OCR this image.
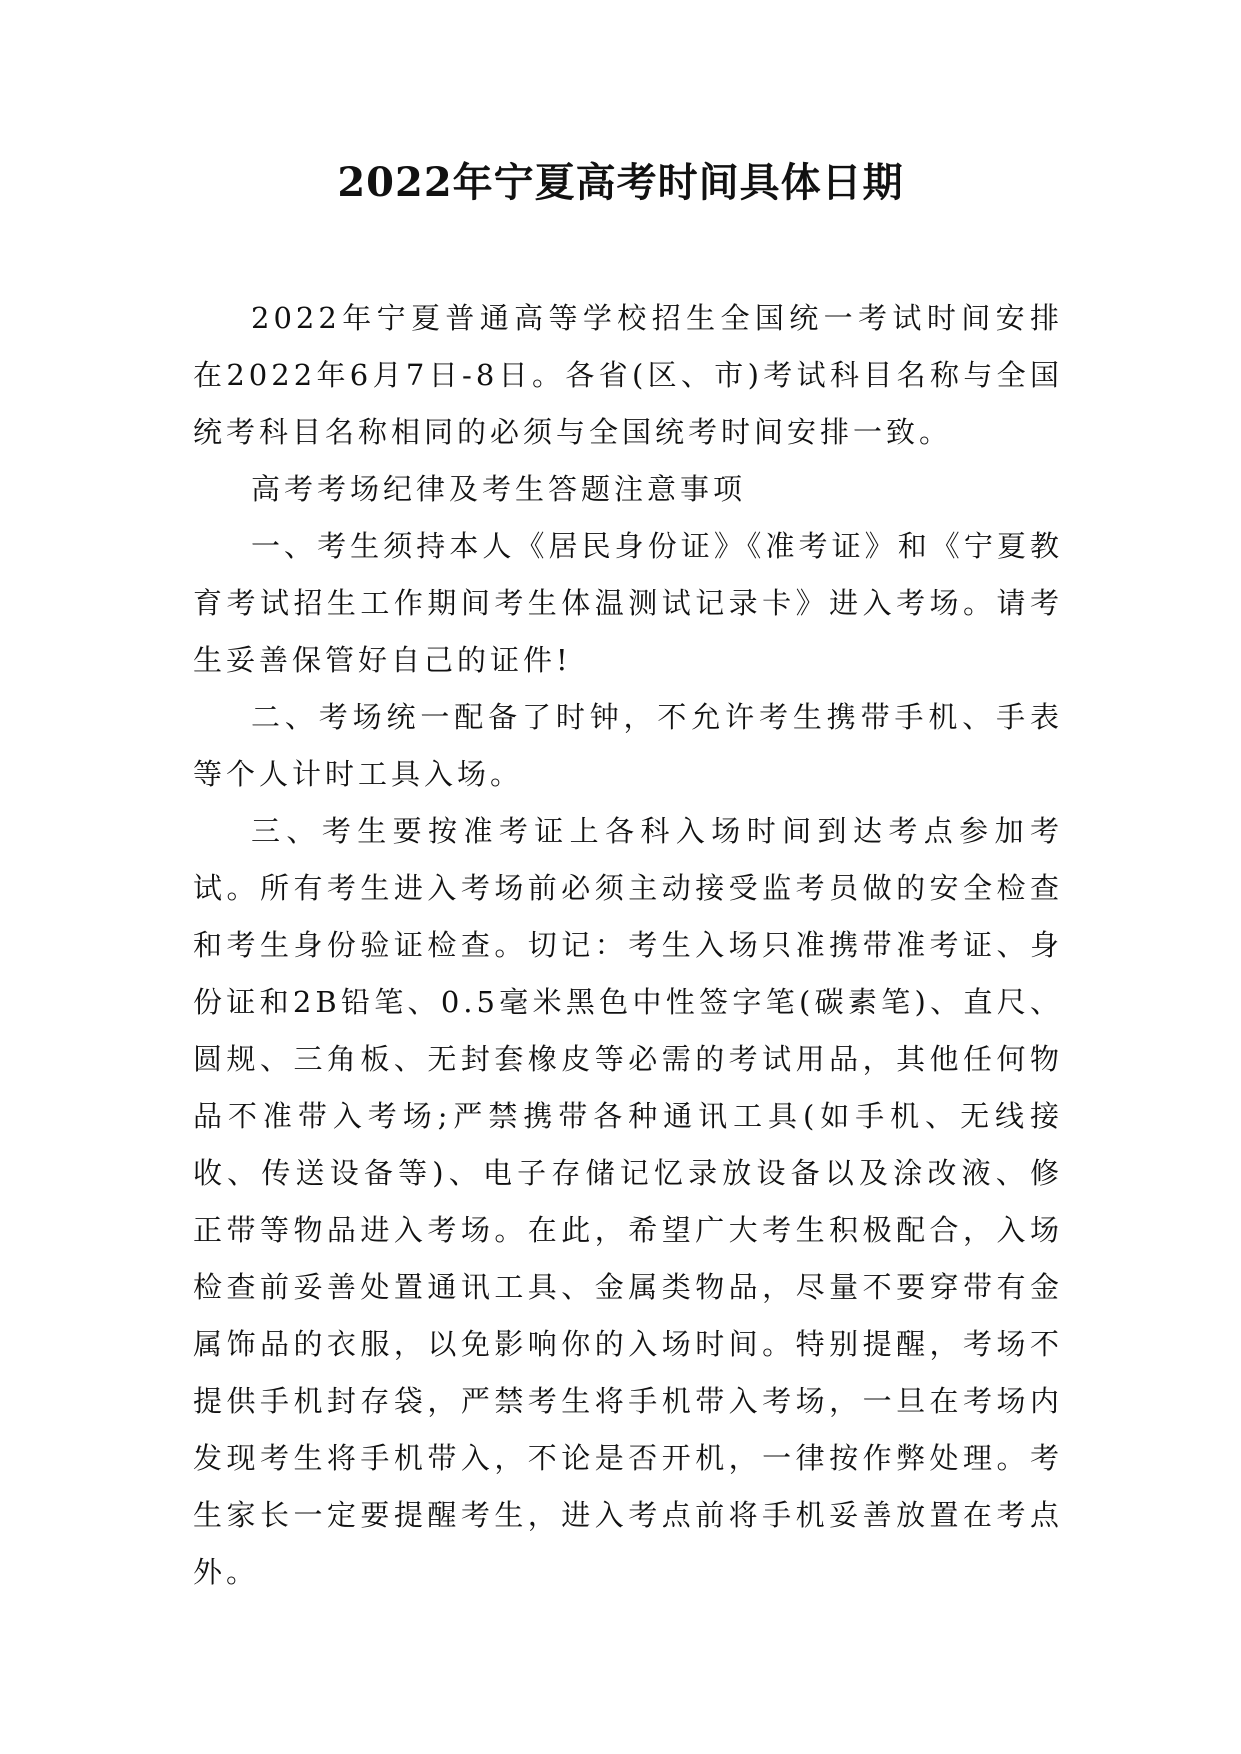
2022年宁夏高考时间具体日期

2022年宁夏普通高等学校招生全国统一考试时间安排在2022年6月7日-8日。各省(区、市)考试科目名称与全国统考科目名称相同的必须与全国统考时间安排一致。

高考考场纪律及考生答题注意事项

一、考生须持本人《居民身份证》《准考证》和《宁夏教育考试招生工作期间考生体温测试记录卡》进入考场。请考生妥善保管好自己的证件!

二、考场统一配备了时钟，不允许考生携带手机、手表等个人计时工具入场。

三、考生要按准考证上各科入场时间到达考点参加考试。所有考生进入考场前必须主动接受监考员做的安全检查和考生身份验证检查。切记：考生入场只准携带准考证、身份证和2B铅笔、0.5毫米黑色中性签字笔(碳素笔)、直尺、圆规、三角板、无封套橡皮等必需的考试用品，其他任何物品不准带入考场;严禁携带各种通讯工具(如手机、无线接收、传送设备等)、电子存储记忆录放设备以及涂改液、修正带等物品进入考场。在此，希望广大考生积极配合，入场检查前妥善处置通讯工具、金属类物品，尽量不要穿带有金属饰品的衣服，以免影响你的入场时间。特别提醒，考场不提供手机封存袋，严禁考生将手机带入考场，一旦在考场内发现考生将手机带入，不论是否开机，一律按作弊处理。考生家长一定要提醒考生，进入考点前将手机妥善放置在考点外。
